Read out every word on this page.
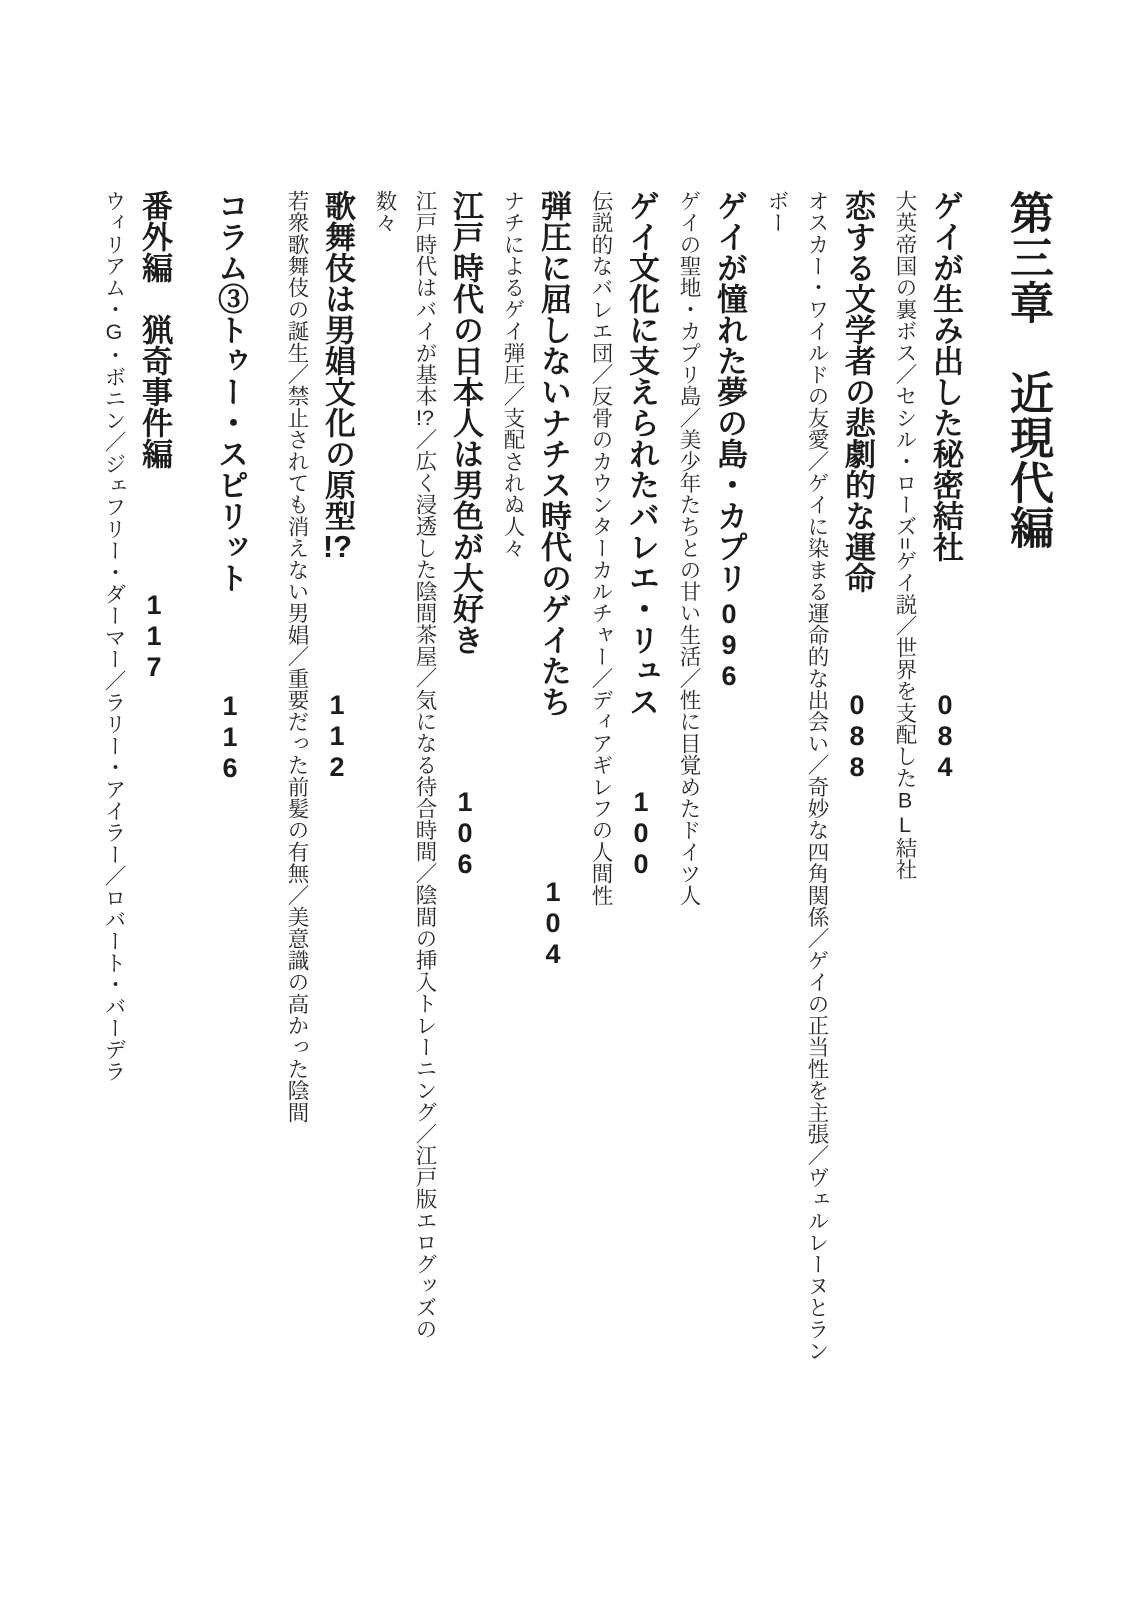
第三章　近現代編
ゲイが生み出した秘密結社084
大英帝国の裏ボス／セシル・ローズ=ゲイ説／世界を支配したBL結社
恋する文学者の悲劇的な運命088
オスカー・ワイルドの友愛／ゲイに染まる運命的な出会い／奇妙な四角関係／ゲイの正当性を主張／ヴェルレーヌとランボー
ゲイが憧れた夢の島・カプリ096
ゲイの聖地・カプリ島／美少年たちとの甘い生活／性に目覚めたドイツ人
ゲイ文化に支えられたバレエ・リュス100
伝説的なバレエ団／反骨のカウンターカルチャー／ディアギレフの人間性
弾圧に屈しないナチス時代のゲイたち104
ナチによるゲイ弾圧／支配されぬ人々
江戸時代の日本人は男色が大好き106
江戸時代はバイが基本!?／広く浸透した陰間茶屋／気になる待合時間／陰間の挿入トレーニング／江戸版エログッズの数々
歌舞伎は男娼文化の原型!?112
若衆歌舞伎の誕生／禁止されても消えない男娼／重要だった前髪の有無／美意識の高かった陰間
コラム③トゥー・スピリット116
番外編　猟奇事件編117
ウィリアム・G・ボニン／ジェフリー・ダーマー／ラリー・アイラー／ロバート・バーデラ
